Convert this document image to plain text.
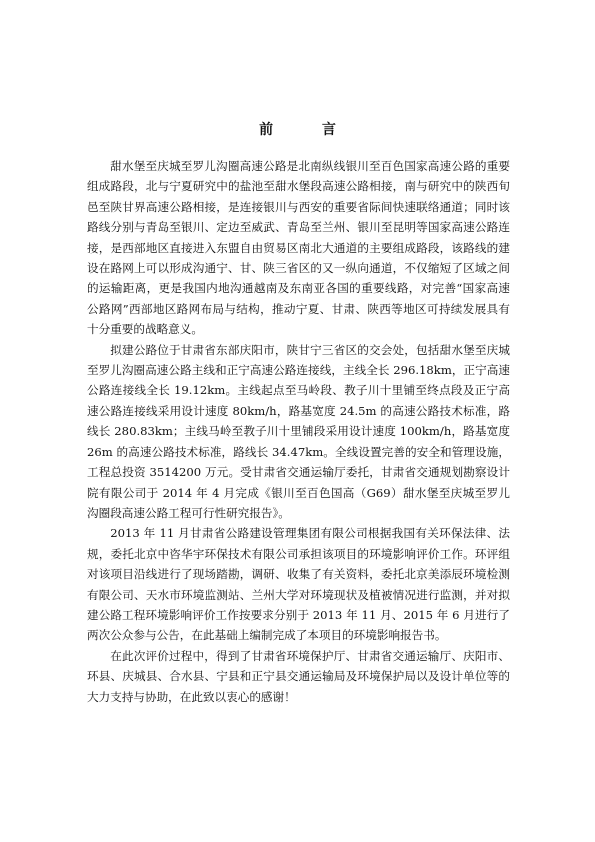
前 言

甜水堡至庆城至罗儿沟圈高速公路是北南纵线银川至百色国家高速公路的重要组成路段，北与宁夏研究中的盐池至甜水堡段高速公路相接，南与研究中的陕西旬邑至陕甘界高速公路相接，是连接银川与西安的重要省际间快速联络通道；同时该路线分别与青岛至银川、定边至威武、青岛至兰州、银川至昆明等国家高速公路连接，是西部地区直接进入东盟自由贸易区南北大通道的主要组成路段，该路线的建设在路网上可以形成沟通宁、甘、陕三省区的又一纵向通道，不仅缩短了区域之间的运输距离，更是我国内地沟通越南及东南亚各国的重要线路，对完善“国家高速公路网”西部地区路网布局与结构，推动宁夏、甘肃、陕西等地区可持续发展具有十分重要的战略意义。

拟建公路位于甘肃省东部庆阳市，陕甘宁三省区的交会处，包括甜水堡至庆城至罗儿沟圈高速公路主线和正宁高速公路连接线，主线全长 296.18km，正宁高速公路连接线全长 19.12km。主线起点至马岭段、教子川十里铺至终点段及正宁高速公路连接线采用设计速度 80km/h，路基宽度 24.5m 的高速公路技术标准，路线长 280.83km；主线马岭至教子川十里铺段采用设计速度 100km/h，路基宽度 26m 的高速公路技术标准，路线长 34.47km。全线设置完善的安全和管理设施，工程总投资 3514200 万元。受甘肃省交通运输厅委托，甘肃省交通规划勘察设计院有限公司于 2014 年 4 月完成《银川至百色国高（G69）甜水堡至庆城至罗儿沟圈段高速公路工程可行性研究报告》。

2013 年 11 月甘肃省公路建设管理集团有限公司根据我国有关环保法律、法规，委托北京中咨华宇环保技术有限公司承担该项目的环境影响评价工作。环评组对该项目沿线进行了现场踏勘，调研、收集了有关资料，委托北京美添辰环境检测有限公司、天水市环境监测站、兰州大学对环境现状及植被情况进行监测，并对拟建公路工程环境影响评价工作按要求分别于 2013 年 11 月、2015 年 6 月进行了两次公众参与公告，在此基础上编制完成了本项目的环境影响报告书。

在此次评价过程中，得到了甘肃省环境保护厅、甘肃省交通运输厅、庆阳市、环县、庆城县、合水县、宁县和正宁县交通运输局及环境保护局以及设计单位等的大力支持与协助，在此致以衷心的感谢！
